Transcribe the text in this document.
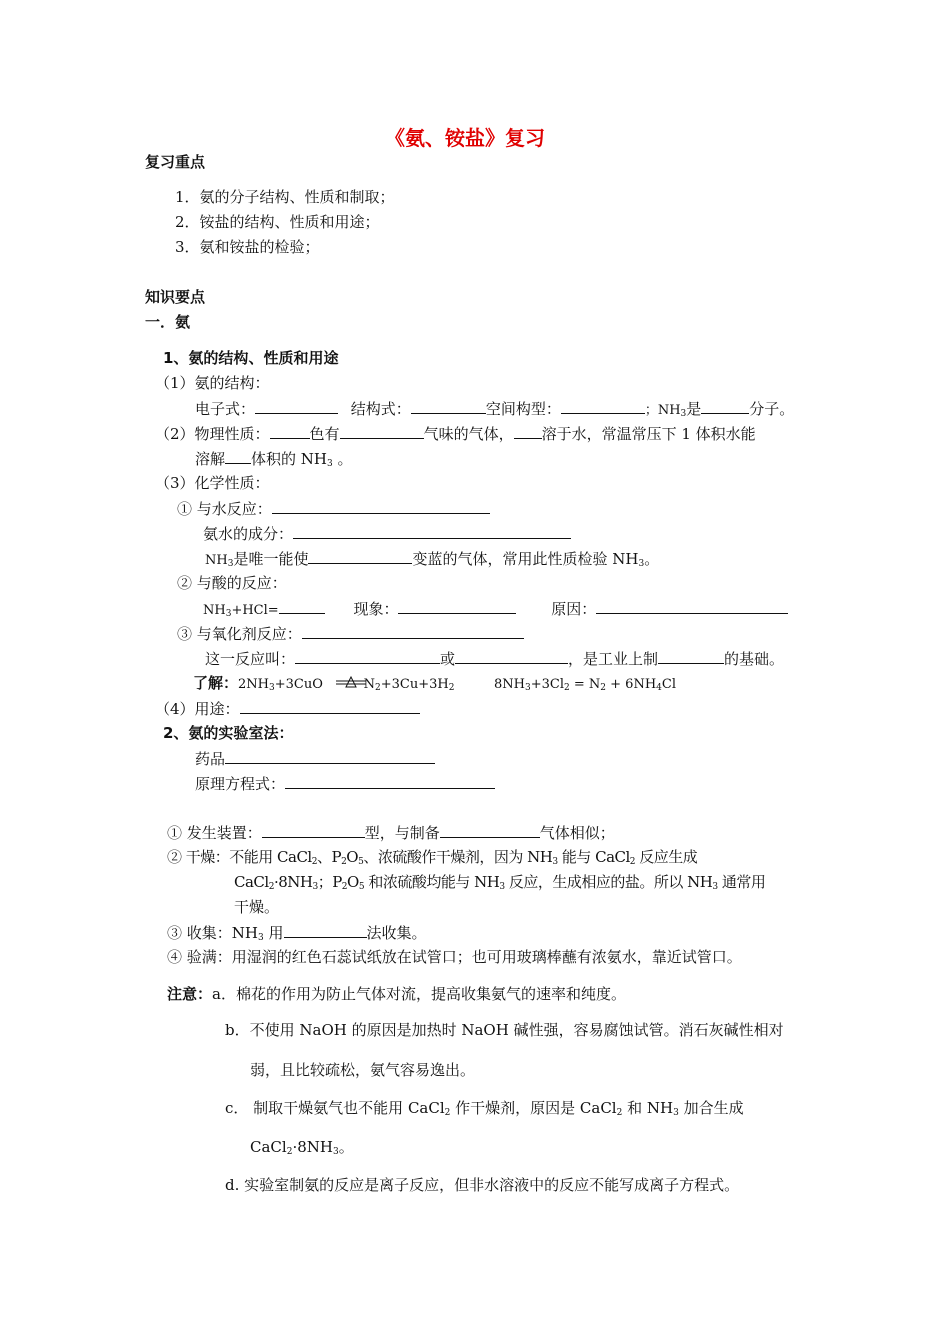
《氨、铵盐》复习
复习重点
1．氨的分子结构、性质和制取；
2．铵盐的结构、性质和用途；
3．氨和铵盐的检验；
知识要点
一．氨
1、氨的结构、性质和用途
（1）氨的结构：
电子式：	结构式：	空间构型：	；$NH_3$是	分子。
（2）物理性质：	色有	气味的气体， 溶于水，常温常压下 1 体积水能
溶解 体积的 $NH_3$ 。
（3）化学性质：
① 与水反应：
氨水的成分：
$NH_3$是唯一能使	变蓝的气体，常用此性质检验 $NH_3$。
② 与酸的反应：
$NH_3+HCl=$	现象：	原因：
③ 与氧化剂反应：
这一反应叫：	或	，是工业上制	的基础。
了解：$2NH_3+3CuO$	$N_2+3Cu+3H_2$	$8NH_3+3Cl_2 = N_2 + 6NH_4Cl$
（4）用途：
2、氨的实验室法：
药品
原理方程式：
① 发生装置：	型，与制备	气体相似；
② 干燥：不能用 CaCl$_2$、$P_2O_5$、浓硫酸作干燥剂，因为 $NH_3$ 能与 CaCl$_2$ 反应生成
$CaCl_2\cdot 8NH_3$；$P_2O_5$ 和浓硫酸均能与 $NH_3$ 反应，生成相应的盐。所以 $NH_3$ 通常用
干燥。
③ 收集：$NH_3$ 用	法收集。
④ 验满：用湿润的红色石蕊试纸放在试管口；也可用玻璃棒蘸有浓氨水，靠近试管口。
注意：a．棉花的作用为防止气体对流，提高收集氨气的速率和纯度。
b．不使用 NaOH 的原因是加热时 NaOH 碱性强，容易腐蚀试管。消石灰碱性相对
弱，且比较疏松，氨气容易逸出。
c． 制取干燥氨气也不能用 CaCl$_2$ 作干燥剂，原因是 CaCl$_2$ 和 $NH_3$ 加合生成
$CaCl_2\cdot 8NH_3$。
d. 实验室制氨的反应是离子反应，但非水溶液中的反应不能写成离子方程式。
